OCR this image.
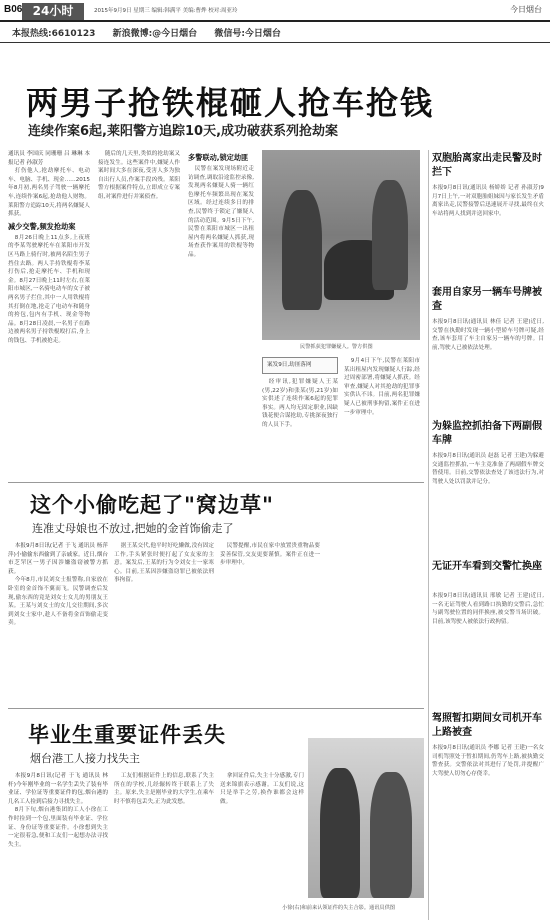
B06 24小时	2015年9月9日 星期三 编辑:韩满平 美编:曹烨 校对:周亚玲	今日烟台
本报热线:6610123 新浪微博:@今日烟台 微信号:今日烟台
两男子抢铁棍砸人抢车抢钱
连续作案6起,莱阳警方追踪10天,成功破获系列抢劫案
通讯员 李国庆 同珊珊 吕 琳琳 本报记者 孙淑芳
打伤他人,抢劫摩托车、电动车、电脑、手机、现金……2015年8月初,两名男子驾驶一辆摩托车,连续作案6起,抢劫他人财物。莱阳警方追踪10天,将两名嫌疑人抓获。
减少交警,频发抢劫案
8月26日晚上11点多,上夜班的李某驾驶摩托车在莱阳市开发区马路上骑行时,被两名陌生男子挡住去路。两人手持铁棍将李某打伤后,抢走摩托车、手机和现金。8月27日晚上11时左右,在莱阳市城区,一名骑电动车的女子被两名男子拦住,其中一人用铁棍将其打倒在地,抢走了电动车和随身的挎包,包内有手机、现金等物品。8月28日凌晨,一名男子在路边被两名男子持铁棍殴打后,身上的钱包、手机被抢走。
随后的几天里,类似的抢劫案又接连发生。这些案件中,嫌疑人作案时间大多在深夜,受害人多为独自出行人员,作案手段凶残。莱阳警方根据案件特点,立即成立专案组,对案件进行并案侦查。
多警联动,锁定劫匪
民警在案发现场附近走访调查,调取沿途监控录像,发现两名嫌疑人骑一辆红色摩托车频繁出现在案发区域。经过连续多日的排查,民警终于锁定了嫌疑人的活动范围。9月5日下午,民警在莱阳市城区一出租屋内将两名嫌疑人抓获,现场查获作案用的铁棍等物品。
民警抓获犯罪嫌疑人。警方供图
案发9日,劫匪落网
经审讯,犯罪嫌疑人王某(男,22岁)和张某(男,21岁)如实供述了连续作案6起的犯罪事实。两人均无固定职业,因缺钱花便合谋抢劫,专挑深夜独行的人员下手。
9月4日下午,民警在莱阳市某出租屋内发现嫌疑人行踪,经过周密部署,将嫌疑人抓获。经审查,嫌疑人对其抢劫的犯罪事实供认不讳。目前,两名犯罪嫌疑人已被刑事拘留,案件正在进一步审理中。
双胞胎离家出走民警及时拦下
本报9月8日讯(通讯员 杨娇娇 记者 孙淑芳)9月7日上午,一对双胞胎姐妹因与家长发生矛盾离家出走,民警接警后迅速展开寻找,最终在火车站将两人找到并送回家中。
套用自家另一辆车号牌被查
本报9月8日讯(通讯员 林佳 记者 王建)近日,交警在执勤时发现一辆小型轿车号牌可疑,经查,该车套用了车主自家另一辆车的号牌。目前,驾驶人已被依法处理。
为躲监控抓拍备下两副假车牌
本报9月8日讯(通讯员 赵磊 记者 王建)为躲避交通监控抓拍,一车主竟准备了两副假车牌交替使用。日前,交警依法查处了该违法行为,对驾驶人处以罚款并记分。
无证开车看到交警忙换座
本报9月8日讯(通讯员 邢敏 记者 王建)近日,一名无证驾驶人看到路口执勤的交警后,急忙与副驾驶位置的同伴换座,被交警当场识破。目前,该驾驶人被依法行政拘留。
驾照暂扣期间女司机开车上路被查
本报9月8日讯(通讯员 李娜 记者 王建)一名女司机驾照处于暂扣期间,仍驾车上路,被执勤交警查获。交警依法对其进行了处罚,并提醒广大驾驶人切勿心存侥幸。
这个小偷吃起了"窝边草"
连准丈母娘也不放过,把她的金首饰偷走了
本报9月8日讯(记者 于飞 通讯员 杨萍萍)小偷偷东西偷到了亲戚家。近日,烟台市芝罘区一男子因涉嫌盗窃被警方抓获。
今年8月,市民刘女士报警称,自家放在卧室的金首饰不翼而飞。民警调查后发现,偷东西的竟是刘女士女儿的男朋友王某。王某与刘女士的女儿交往期间,多次到刘女士家中,趁人不备将金首饰偷走变卖。
据王某交代,他平时好吃懒做,没有固定工作,手头紧张时便打起了女友家的主意。案发后,王某的行为令刘女士一家寒心。目前,王某因涉嫌盗窃罪已被依法刑事拘留。
民警提醒,市民在家中放置贵重物品要妥善保管,交友更要谨慎。案件正在进一步审理中。
毕业生重要证件丢失
烟台港工人接力找失主
本报9月8日讯(记者 于飞 通讯员 林杆)今年刚毕业的一名学生丢失了装有毕业证、学位证等重要证件的包,烟台港的几名工人捡到后接力寻找失主。
8月下旬,烟台港集团的工人小徐在工作时捡到一个包,里面装有毕业证、学位证、身份证等重要证件。小徐想到失主一定很着急,便和工友们一起想办法寻找失主。
工友们根据证件上的信息,联系了失主所在的学校,几经辗转终于联系上了失主。原来,失主是刚毕业的大学生,在乘车时不慎将包丢失,正为此发愁。
拿回证件后,失主十分感激,专门送来锦旗表示感谢。工友们说,这只是举手之劳,换作谁都会这样做。
小徐(右)和前来认领证件的失主合影。通讯员供图
